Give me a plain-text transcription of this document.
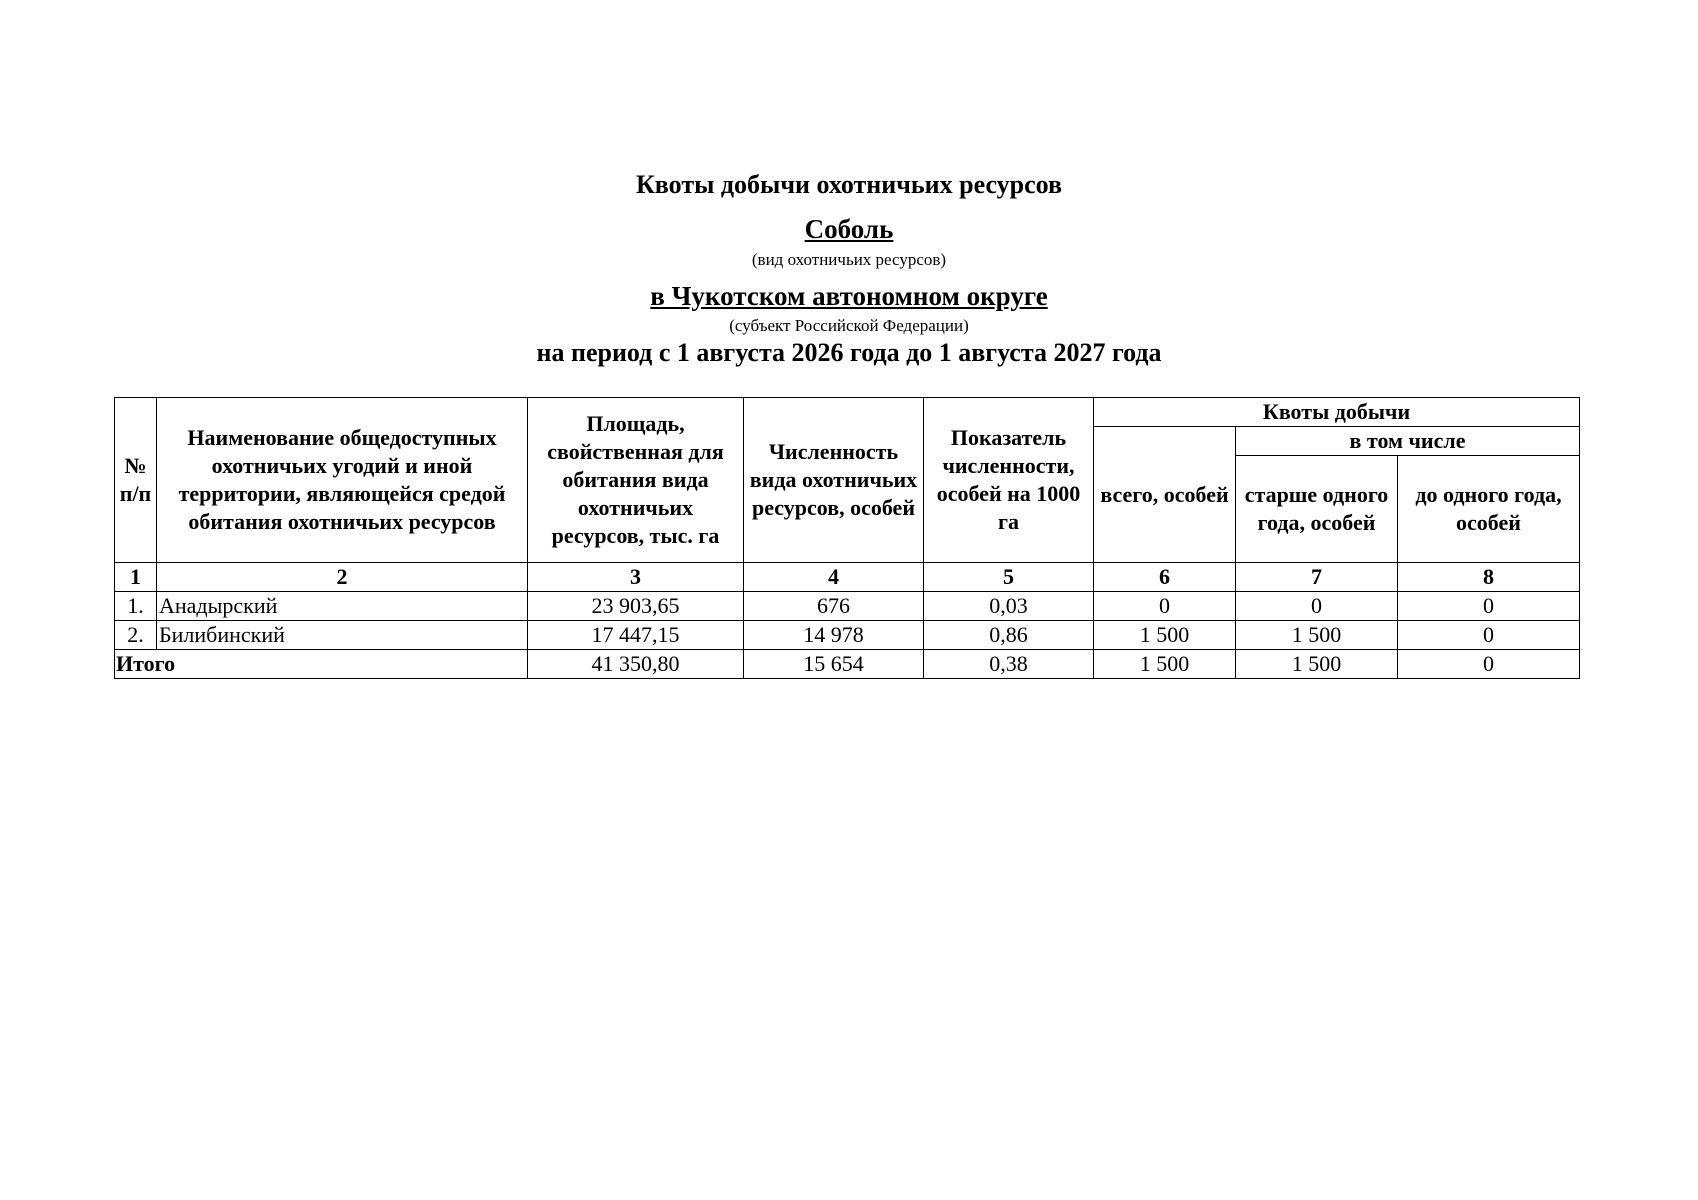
Квоты добычи охотничьих ресурсов
Соболь
(вид охотничьих ресурсов)
в Чукотском автономном округе
(субъект Российской Федерации)
на период с 1 августа 2026 года до 1 августа 2027 года
№ п/п	Наименование общедоступных охотничьих угодий и иной территории, являющейся средой обитания охотничьих ресурсов	Площадь, свойственная для обитания вида охотничьих ресурсов, тыс. га	Численность вида охотничьих ресурсов, особей	Показатель численности, особей на 1000 га	Квоты добычи		
					всего, особей	в том числе	
						старше одного года, особей	до одного года, особей
1	2	3	4	5	6	7	8
1.	Анадырский	23 903,65	676	0,03	0	0	0
2.	Билибинский	17 447,15	14 978	0,86	1 500	1 500	0
Итого		41 350,80	15 654	0,38	1 500	1 500	0
